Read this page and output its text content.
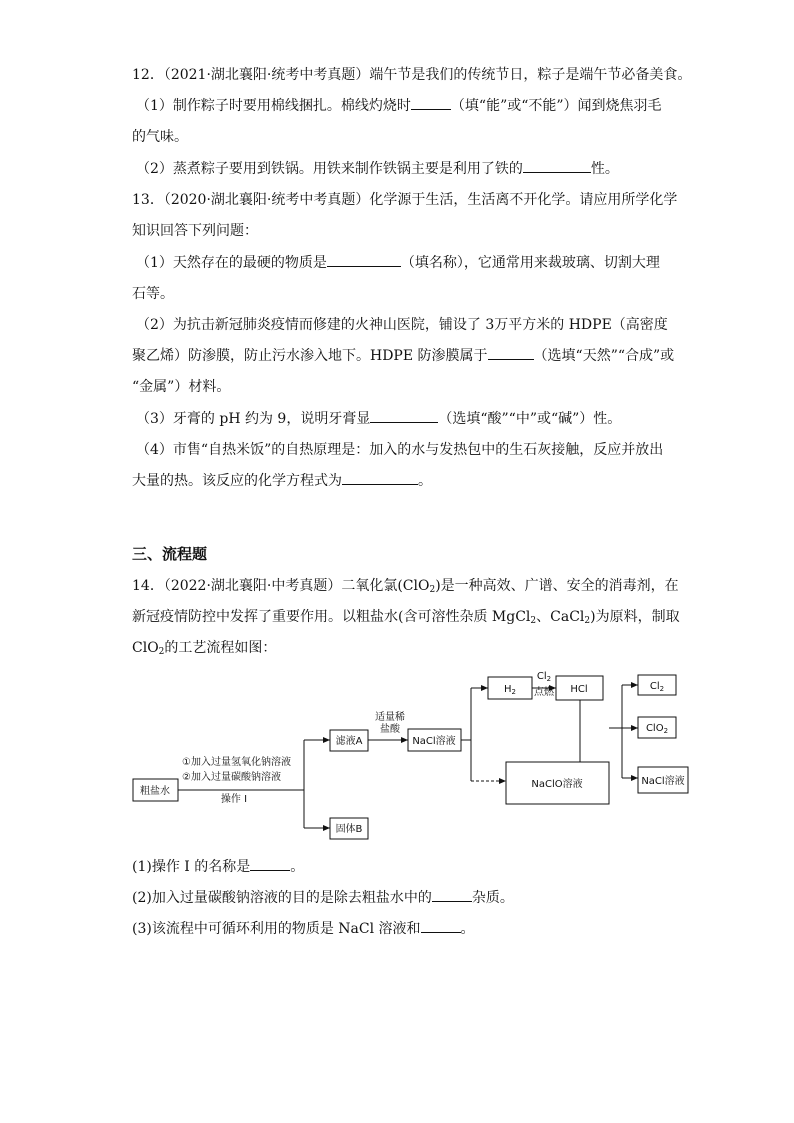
12．（2021·湖北襄阳·统考中考真题）端午节是我们的传统节日，粽子是端午节必备美食。
（1）制作粽子时要用棉线捆扎。棉线灼烧时	（填“能”或“不能”）闻到烧焦羽毛
的气味。
（2）蒸煮粽子要用到铁锅。用铁来制作铁锅主要是利用了铁的	性。
13．（2020·湖北襄阳·统考中考真题）化学源于生活，生活离不开化学。请应用所学化学
知识回答下列问题：
（1）天然存在的最硬的物质是	（填名称），它通常用来裁玻璃、切割大理
石等。
（2）为抗击新冠肺炎疫情而修建的火神山医院，铺设了 3万平方米的 HDPE（高密度
聚乙烯）防渗膜，防止污水渗入地下。HDPE 防渗膜属于	（选填“天然”“合成”或
“金属”）材料。
（3）牙膏的 pH 约为 9，说明牙膏显	（选填“酸”“中”或“碱”）性。
（4）市售“自热米饭”的自热原理是：加入的水与发热包中的生石灰接触，反应并放出
大量的热。该反应的化学方程式为	。
三、流程题
14．（2022·湖北襄阳·中考真题）二氧化氯(ClO$_2$)是一种高效、广谱、安全的消毒剂，在
新冠疫情防控中发挥了重要作用。以粗盐水(含可溶性杂质 MgCl$_2$、CaCl$_2$)为原料，制取
ClO$_2$的工艺流程如图：
粗盐水
①加入过量氢氧化钠溶液
②加入过量碳酸钠溶液
操作 I
滤液A
固体B
适量稀
盐酸
NaCl溶液
$H_2$
$Cl_2$
点燃 HCl
NaClO溶液
$Cl_2$
ClO$_2$
NaCl溶液
(1)操作 I 的名称是	。
(2)加入过量碳酸钠溶液的目的是除去粗盐水中的	杂质。
(3)该流程中可循环利用的物质是 NaCl 溶液和	。
